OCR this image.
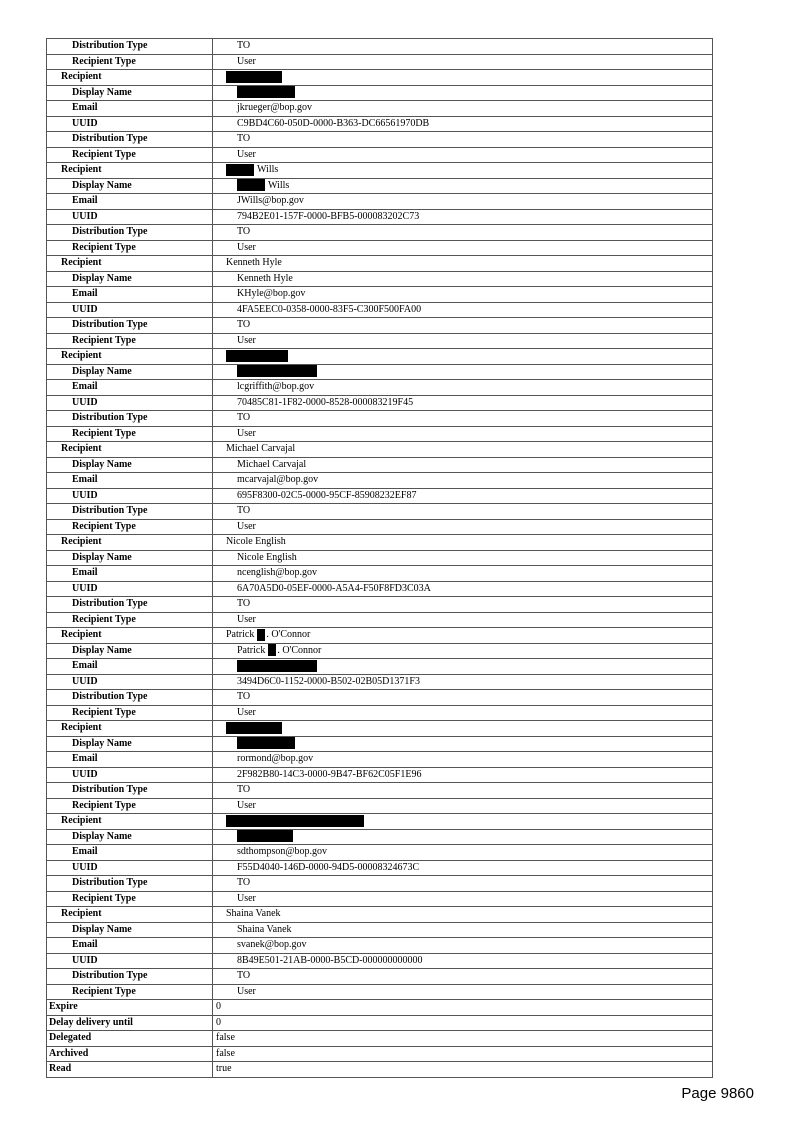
Distribution Type	TO
Recipient Type	User
Recipient	
Display Name	
Email	jkrueger@bop.gov
UUID	C9BD4C60-050D-0000-B363-DC66561970DB
Distribution Type	TO
Recipient Type	User
Recipient	Wills
Display Name	Wills
Email	JWills@bop.gov
UUID	794B2E01-157F-0000-BFB5-000083202C73
Distribution Type	TO
Recipient Type	User
Recipient	Kenneth Hyle
Display Name	Kenneth Hyle
Email	KHyle@bop.gov
UUID	4FA5EEC0-0358-0000-83F5-C300F500FA00
Distribution Type	TO
Recipient Type	User
Recipient	
Display Name	
Email	lcgriffith@bop.gov
UUID	70485C81-1F82-0000-8528-000083219F45
Distribution Type	TO
Recipient Type	User
Recipient	Michael Carvajal
Display Name	Michael Carvajal
Email	mcarvajal@bop.gov
UUID	695F8300-02C5-0000-95CF-85908232EF87
Distribution Type	TO
Recipient Type	User
Recipient	Nicole English
Display Name	Nicole English
Email	ncenglish@bop.gov
UUID	6A70A5D0-05EF-0000-A5A4-F50F8FD3C03A
Distribution Type	TO
Recipient Type	User
Recipient	Patrick . O'Connor
Display Name	Patrick . O'Connor
Email	
UUID	3494D6C0-1152-0000-B502-02B05D1371F3
Distribution Type	TO
Recipient Type	User
Recipient	
Display Name	
Email	rormond@bop.gov
UUID	2F982B80-14C3-0000-9B47-BF62C05F1E96
Distribution Type	TO
Recipient Type	User
Recipient	
Display Name	
Email	sdthompson@bop.gov
UUID	F55D4040-146D-0000-94D5-00008324673C
Distribution Type	TO
Recipient Type	User
Recipient	Shaina Vanek
Display Name	Shaina Vanek
Email	svanek@bop.gov
UUID	8B49E501-21AB-0000-B5CD-000000000000
Distribution Type	TO
Recipient Type	User
Expire	0
Delay delivery until	0
Delegated	false
Archived	false
Read	true
Page 9860
